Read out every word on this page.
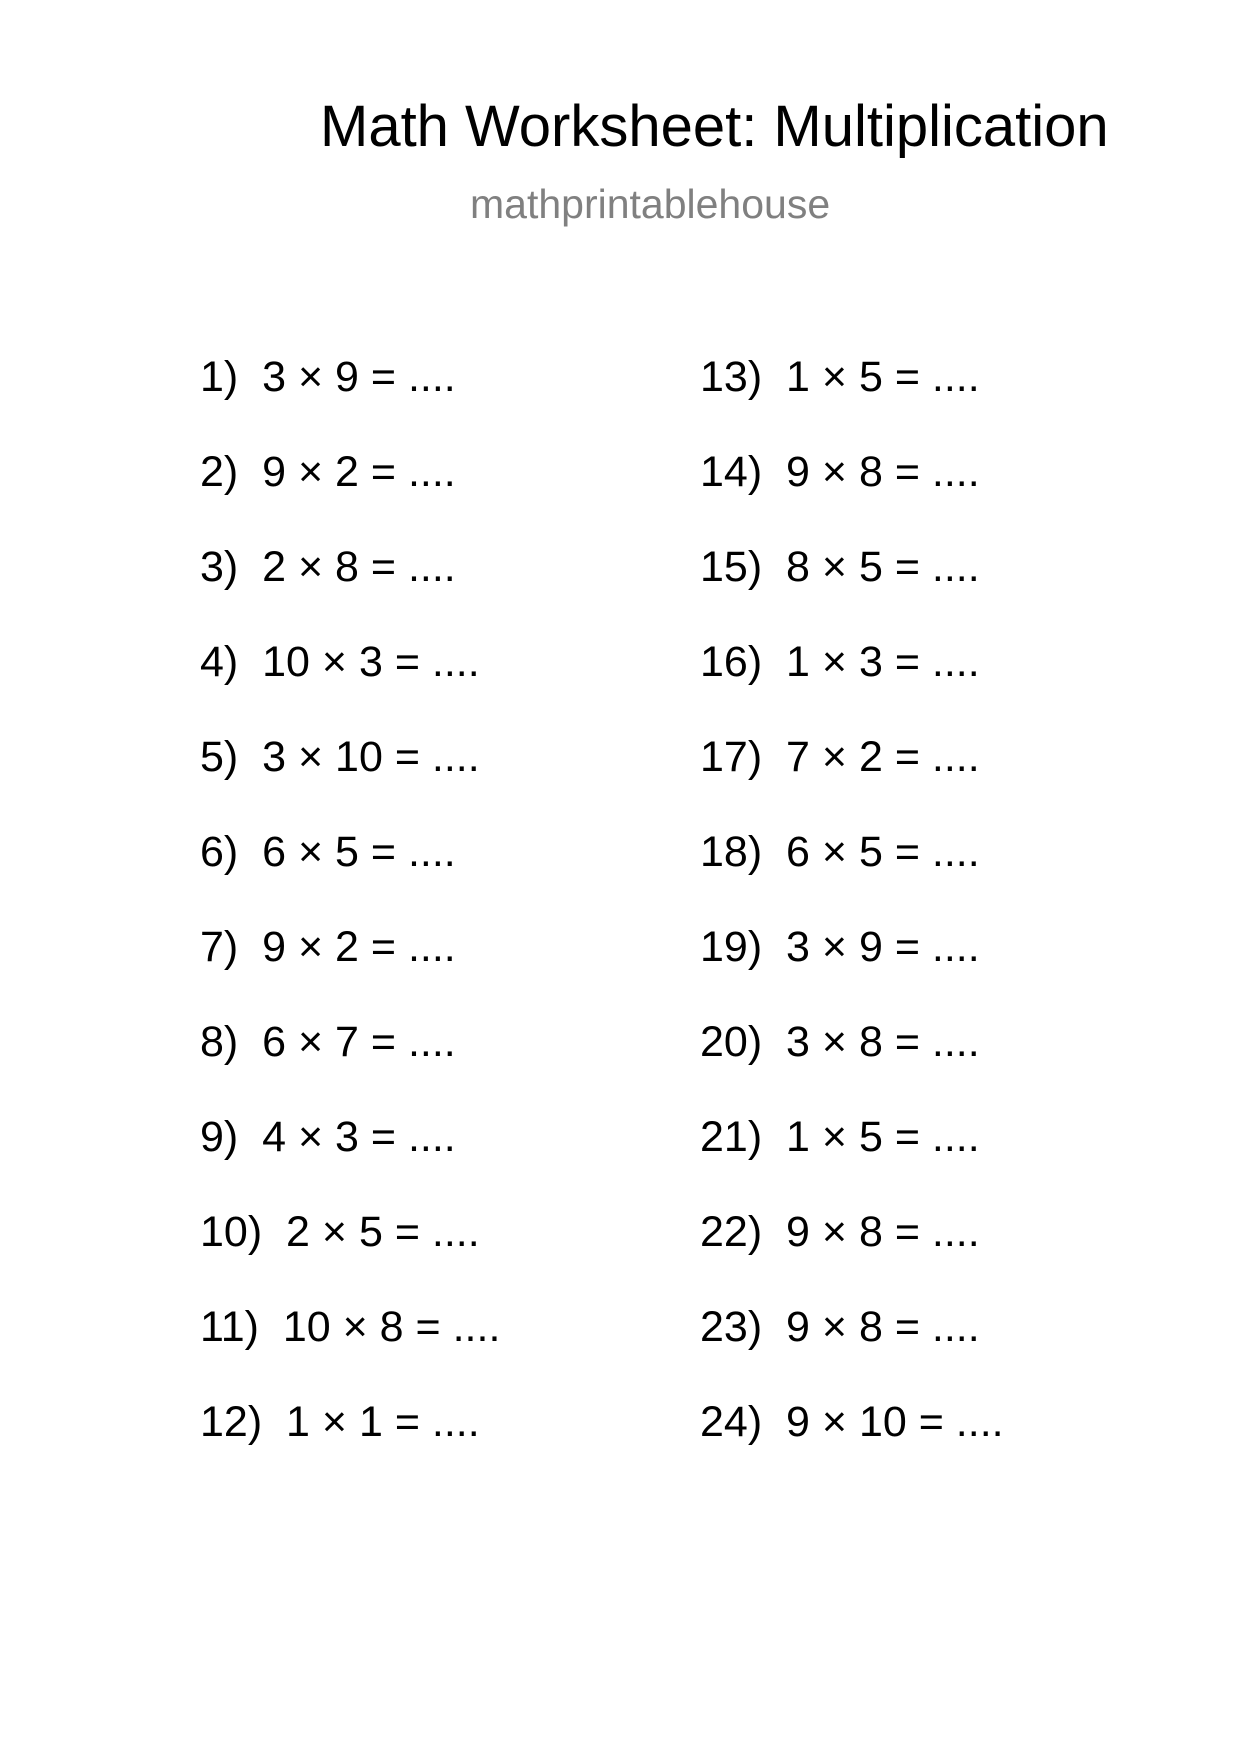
Math Worksheet: Multiplication
mathprintablehouse
1)  3 × 9 = ....
2)  9 × 2 = ....
3)  2 × 8 = ....
4)  10 × 3 = ....
5)  3 × 10 = ....
6)  6 × 5 = ....
7)  9 × 2 = ....
8)  6 × 7 = ....
9)  4 × 3 = ....
10)  2 × 5 = ....
11)  10 × 8 = ....
12)  1 × 1 = ....
13)  1 × 5 = ....
14)  9 × 8 = ....
15)  8 × 5 = ....
16)  1 × 3 = ....
17)  7 × 2 = ....
18)  6 × 5 = ....
19)  3 × 9 = ....
20)  3 × 8 = ....
21)  1 × 5 = ....
22)  9 × 8 = ....
23)  9 × 8 = ....
24)  9 × 10 = ....
